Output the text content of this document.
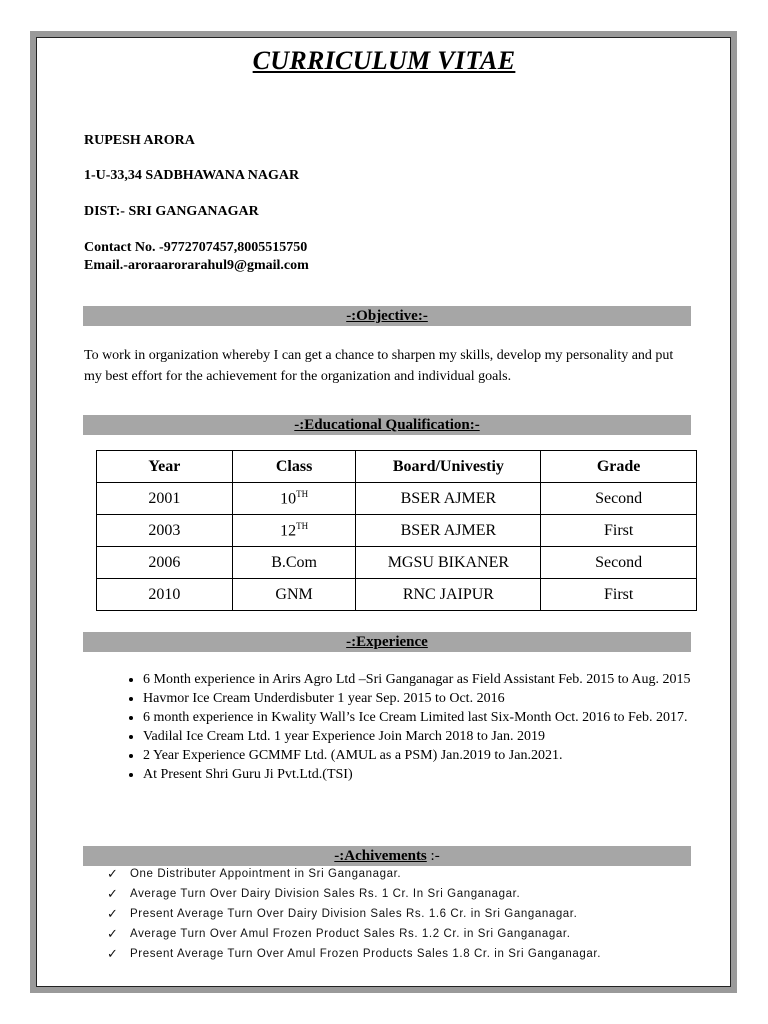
CURRICULUM VITAE
RUPESH ARORA
1-U-33,34 SADBHAWANA NAGAR
DIST:- SRI GANGANAGAR
Contact No. -9772707457,8005515750
Email.-aroraarorarahul9@gmail.com
-:Objective:-
To work in organization whereby I can get a chance to sharpen my skills, develop my personality and put my best effort for the achievement for the organization and individual goals.
-:Educational Qualification:-
Year	Class	Board/Univestiy	Grade
2001	10TH	BSER AJMER	Second
2003	12TH	BSER AJMER	First
2006	B.Com	MGSU BIKANER	Second
2010	GNM	RNC JAIPUR	First
-:Experience
• 6 Month experience in Arirs Agro Ltd –Sri Ganganagar as Field Assistant Feb. 2015 to Aug. 2015
• Havmor Ice Cream Underdisbuter 1 year Sep. 2015 to Oct. 2016
• 6 month experience in Kwality Wall’s Ice Cream Limited last Six-Month Oct. 2016 to Feb. 2017.
• Vadilal Ice Cream Ltd. 1 year Experience Join March 2018 to Jan. 2019
• 2 Year Experience GCMMF Ltd. (AMUL as a PSM) Jan.2019 to Jan.2021.
• At Present Shri Guru Ji Pvt.Ltd.(TSI)
-:Achivements :-
✓ One Distributer Appointment in Sri Ganganagar.
✓ Average Turn Over Dairy Division Sales Rs. 1 Cr. In Sri Ganganagar.
✓ Present Average Turn Over Dairy Division Sales Rs. 1.6 Cr. in Sri Ganganagar.
✓ Average Turn Over Amul Frozen Product Sales Rs. 1.2 Cr. in Sri Ganganagar.
✓ Present Average Turn Over Amul Frozen Products Sales 1.8 Cr. in Sri Ganganagar.
